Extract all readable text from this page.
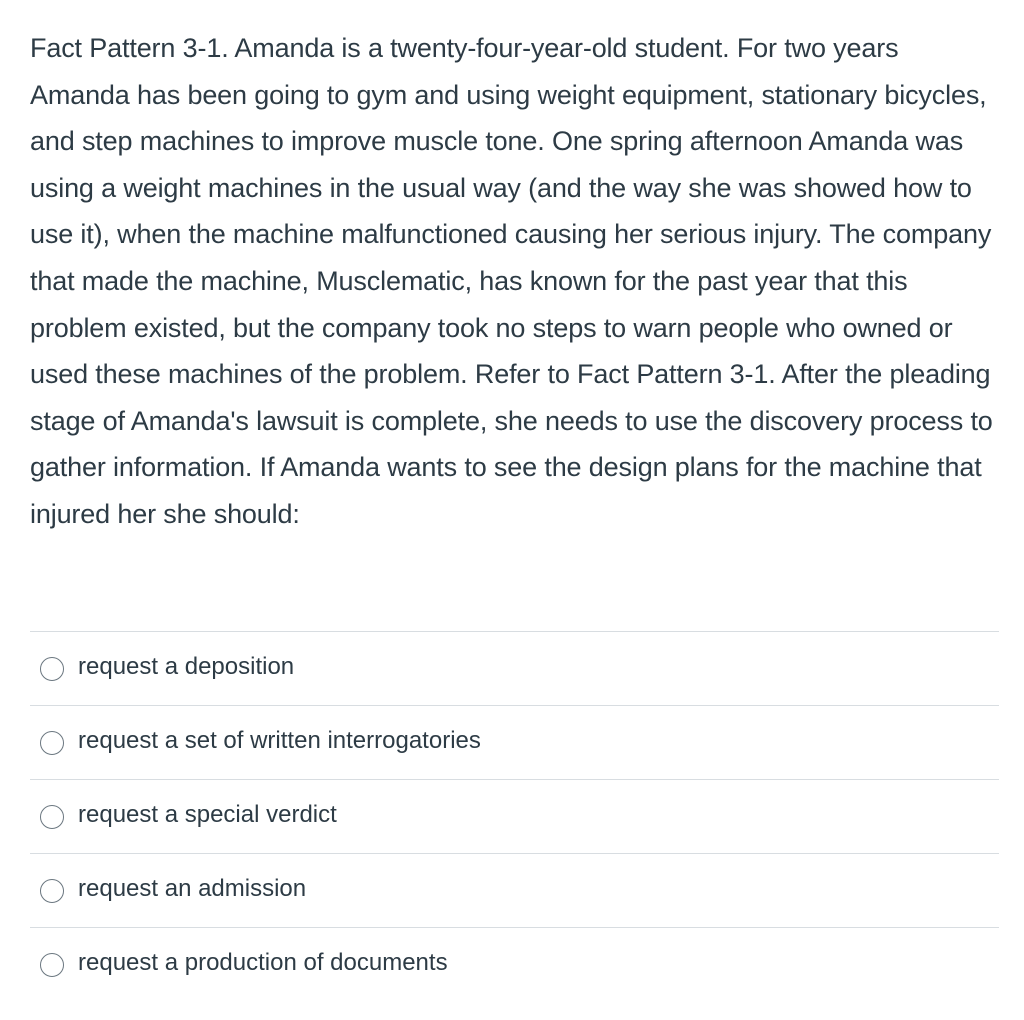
Fact Pattern 3-1. Amanda is a twenty-four-year-old student. For two years Amanda has been going to gym and using weight equipment, stationary bicycles, and step machines to improve muscle tone. One spring afternoon Amanda was using a weight machines in the usual way (and the way she was showed how to use it), when the machine malfunctioned causing her serious injury. The company that made the machine, Musclematic, has known for the past year that this problem existed, but the company took no steps to warn people who owned or used these machines of the problem. Refer to Fact Pattern 3-1. After the pleading stage of Amanda's lawsuit is complete, she needs to use the discovery process to gather information. If Amanda wants to see the design plans for the machine that injured her she should:

request a deposition
request a set of written interrogatories
request a special verdict
request an admission
request a production of documents
